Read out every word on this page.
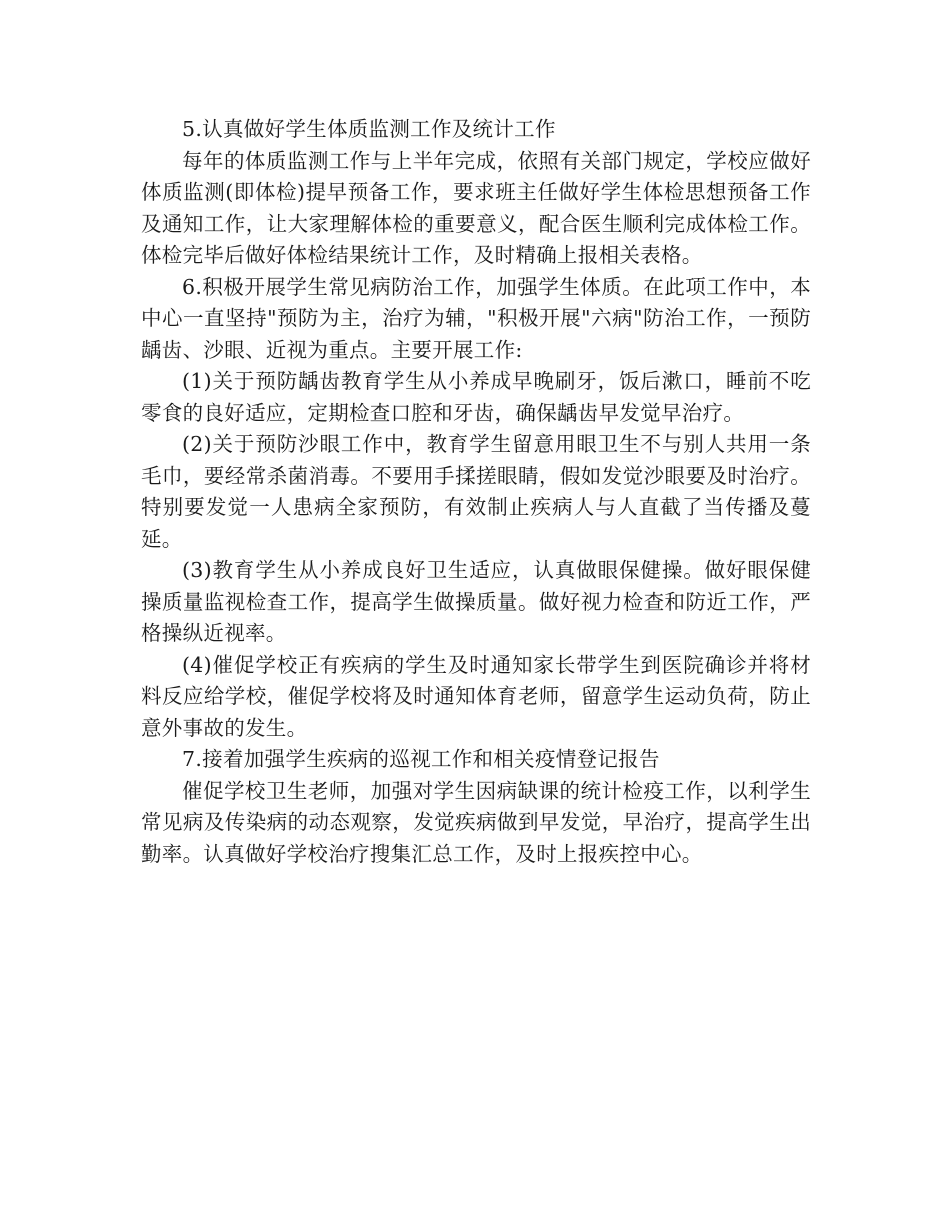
5.认真做好学生体质监测工作及统计工作

每年的体质监测工作与上半年完成，依照有关部门规定，学校应做好体质监测(即体检)提早预备工作，要求班主任做好学生体检思想预备工作及通知工作，让大家理解体检的重要意义，配合医生顺利完成体检工作。体检完毕后做好体检结果统计工作，及时精确上报相关表格。

6.积极开展学生常见病防治工作，加强学生体质。在此项工作中，本中心一直坚持"预防为主，治疗为辅，"积极开展"六病"防治工作，一预防龋齿、沙眼、近视为重点。主要开展工作:

(1)关于预防龋齿教育学生从小养成早晚刷牙，饭后漱口，睡前不吃零食的良好适应，定期检查口腔和牙齿，确保龋齿早发觉早治疗。

(2)关于预防沙眼工作中，教育学生留意用眼卫生不与别人共用一条毛巾，要经常杀菌消毒。不要用手揉搓眼睛，假如发觉沙眼要及时治疗。特别要发觉一人患病全家预防，有效制止疾病人与人直截了当传播及蔓延。

(3)教育学生从小养成良好卫生适应，认真做眼保健操。做好眼保健操质量监视检查工作，提高学生做操质量。做好视力检查和防近工作，严格操纵近视率。

(4)催促学校正有疾病的学生及时通知家长带学生到医院确诊并将材料反应给学校，催促学校将及时通知体育老师，留意学生运动负荷，防止意外事故的发生。

7.接着加强学生疾病的巡视工作和相关疫情登记报告

催促学校卫生老师，加强对学生因病缺课的统计检疫工作，以利学生常见病及传染病的动态观察，发觉疾病做到早发觉，早治疗，提高学生出勤率。认真做好学校治疗搜集汇总工作，及时上报疾控中心。
